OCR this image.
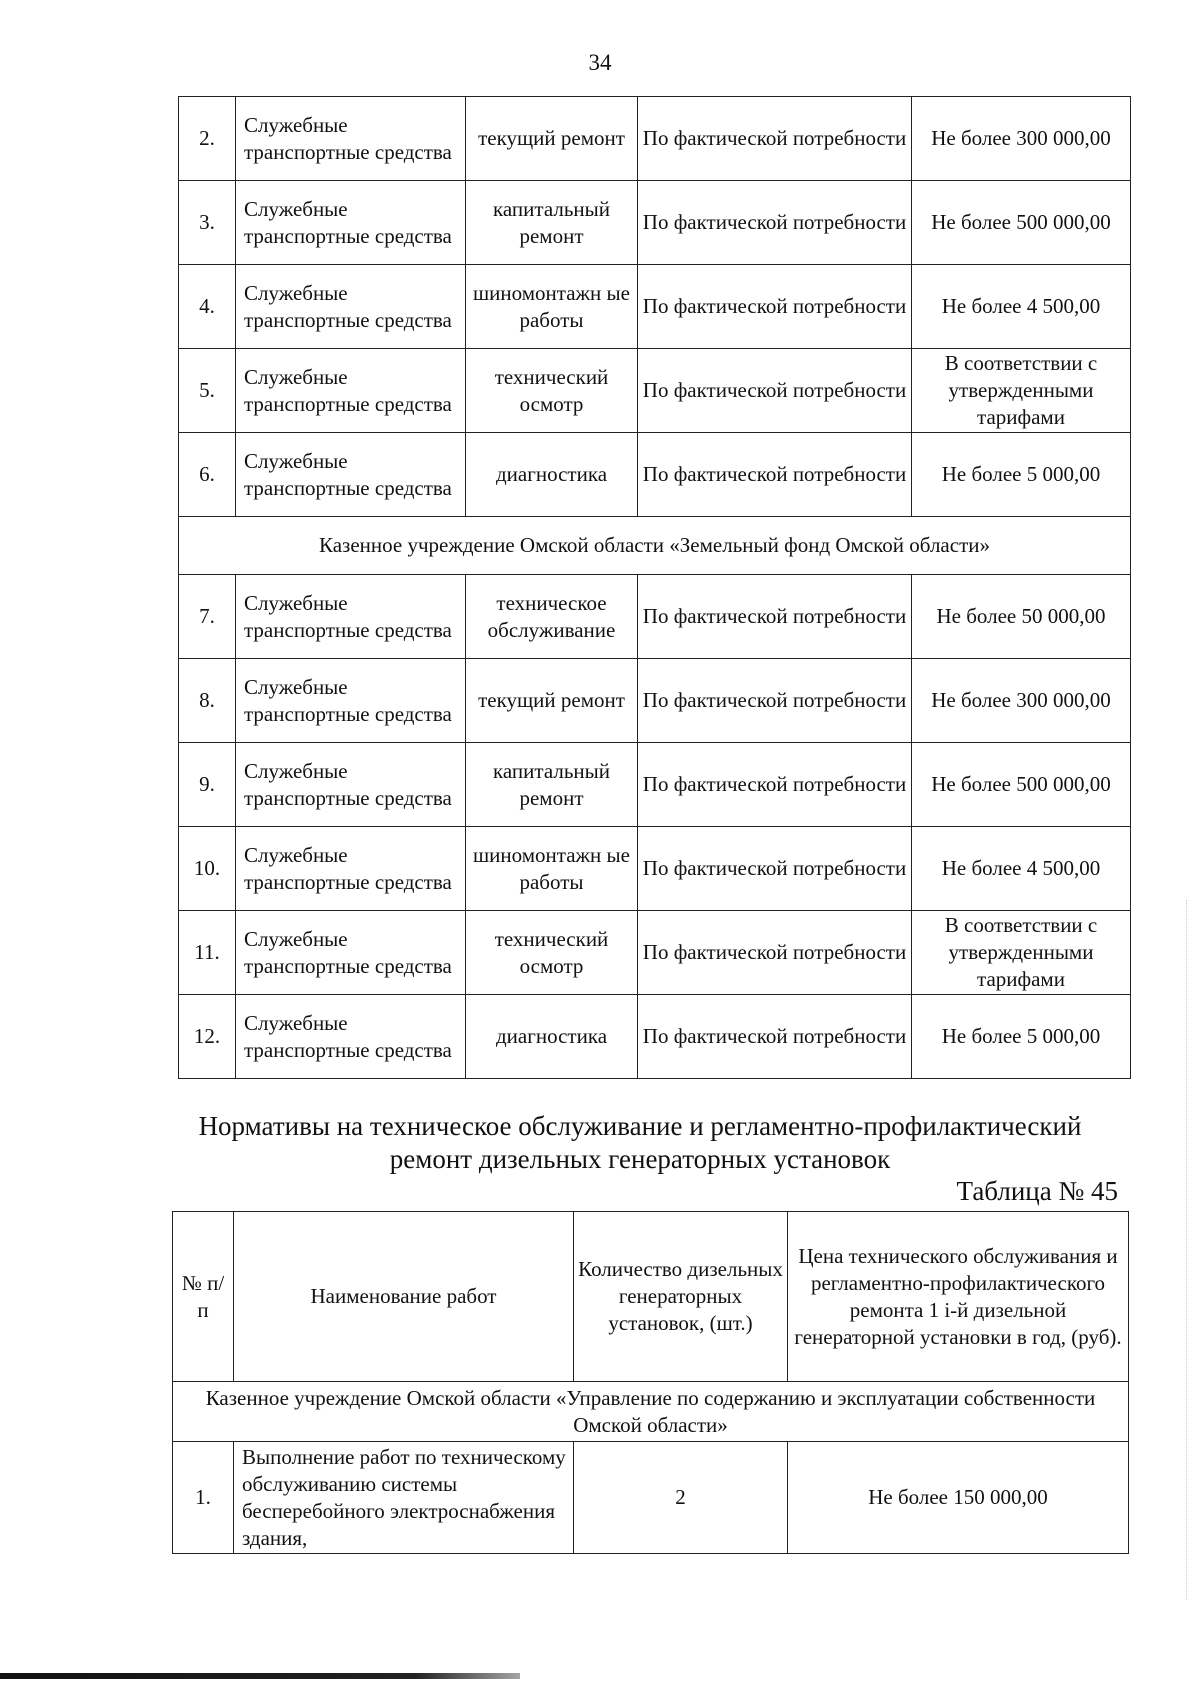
34
2.	Служебные транспортные средства	текущий ремонт	По фактической потребности	Не более 300 000,00
3.	Служебные транспортные средства	капитальный ремонт	По фактической потребности	Не более 500 000,00
4.	Служебные транспортные средства	шиномонтажн ые работы	По фактической потребности	Не более 4 500,00
5.	Служебные транспортные средства	технический осмотр	По фактической потребности	В соответствии с утвержденными тарифами
6.	Служебные транспортные средства	диагностика	По фактической потребности	Не более 5 000,00
Казенное учреждение Омской области «Земельный фонд Омской области»				
7.	Служебные транспортные средства	техническое обслуживание	По фактической потребности	Не более 50 000,00
8.	Служебные транспортные средства	текущий ремонт	По фактической потребности	Не более 300 000,00
9.	Служебные транспортные средства	капитальный ремонт	По фактической потребности	Не более 500 000,00
10.	Служебные транспортные средства	шиномонтажн ые работы	По фактической потребности	Не более 4 500,00
11.	Служебные транспортные средства	технический осмотр	По фактической потребности	В соответствии с утвержденными тарифами
12.	Служебные транспортные средства	диагностика	По фактической потребности	Не более 5 000,00
Нормативы на техническое обслуживание и регламентно-профилактический ремонт дизельных генераторных установок
Таблица № 45
№ п/п	Наименование работ	Количество дизельных генераторных установок, (шт.)	Цена технического обслуживания и регламентно-профилактического ремонта 1 i-й дизельной генераторной установки в год, (руб).
Казенное учреждение Омской области «Управление по содержанию и эксплуатации собственности Омской области»			
1.	Выполнение работ по техническому обслуживанию системы бесперебойного электроснабжения здания,	2	Не более 150 000,00
